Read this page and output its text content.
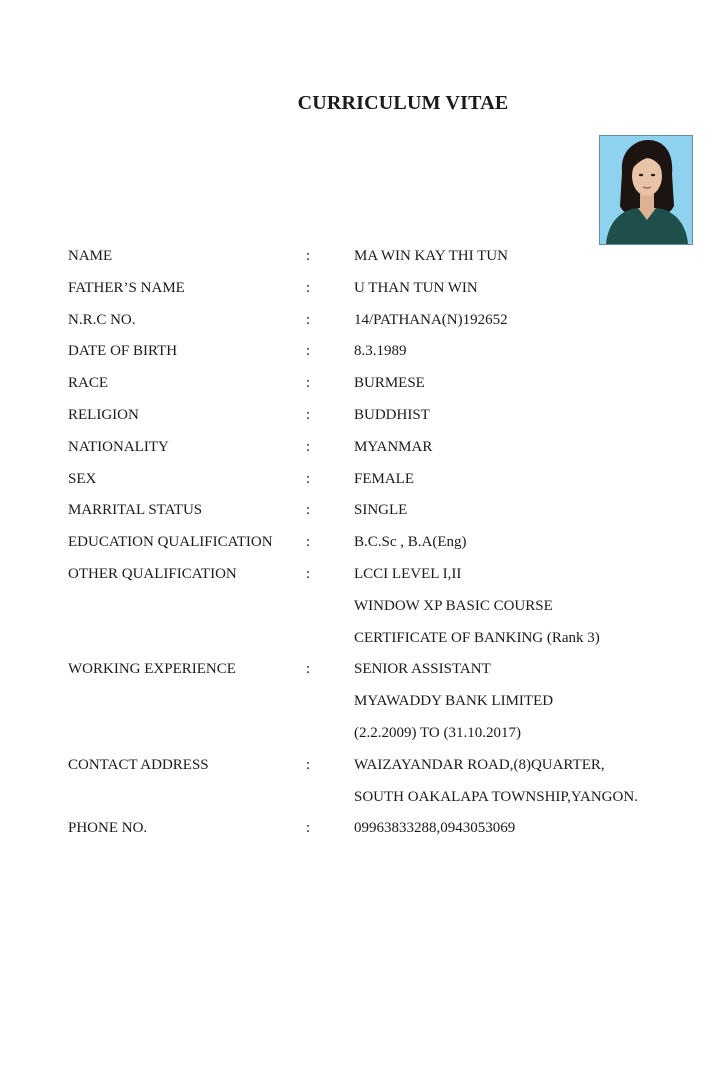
CURRICULUM VITAE
NAME	:	MA WIN KAY THI TUN
FATHER’S NAME	:	U THAN TUN WIN
N.R.C NO.	:	14/PATHANA(N)192652
DATE OF BIRTH	:	8.3.1989
RACE	:	BURMESE
RELIGION	:	BUDDHIST
NATIONALITY	:	MYANMAR
SEX	:	FEMALE
MARRITAL STATUS	:	SINGLE
EDUCATION QUALIFICATION :	B.C.Sc , B.A(Eng)
OTHER QUALIFICATION	:	LCCI LEVEL I,II
WINDOW XP BASIC COURSE
CERTIFICATE OF BANKING (Rank 3)
WORKING EXPERIENCE	:	SENIOR ASSISTANT
MYAWADDY BANK LIMITED
(2.2.2009) TO (31.10.2017)
CONTACT ADDRESS	:	WAIZAYANDAR ROAD,(8)QUARTER,
SOUTH OAKALAPA TOWNSHIP,YANGON.
PHONE NO.	:	09963833288,0943053069
